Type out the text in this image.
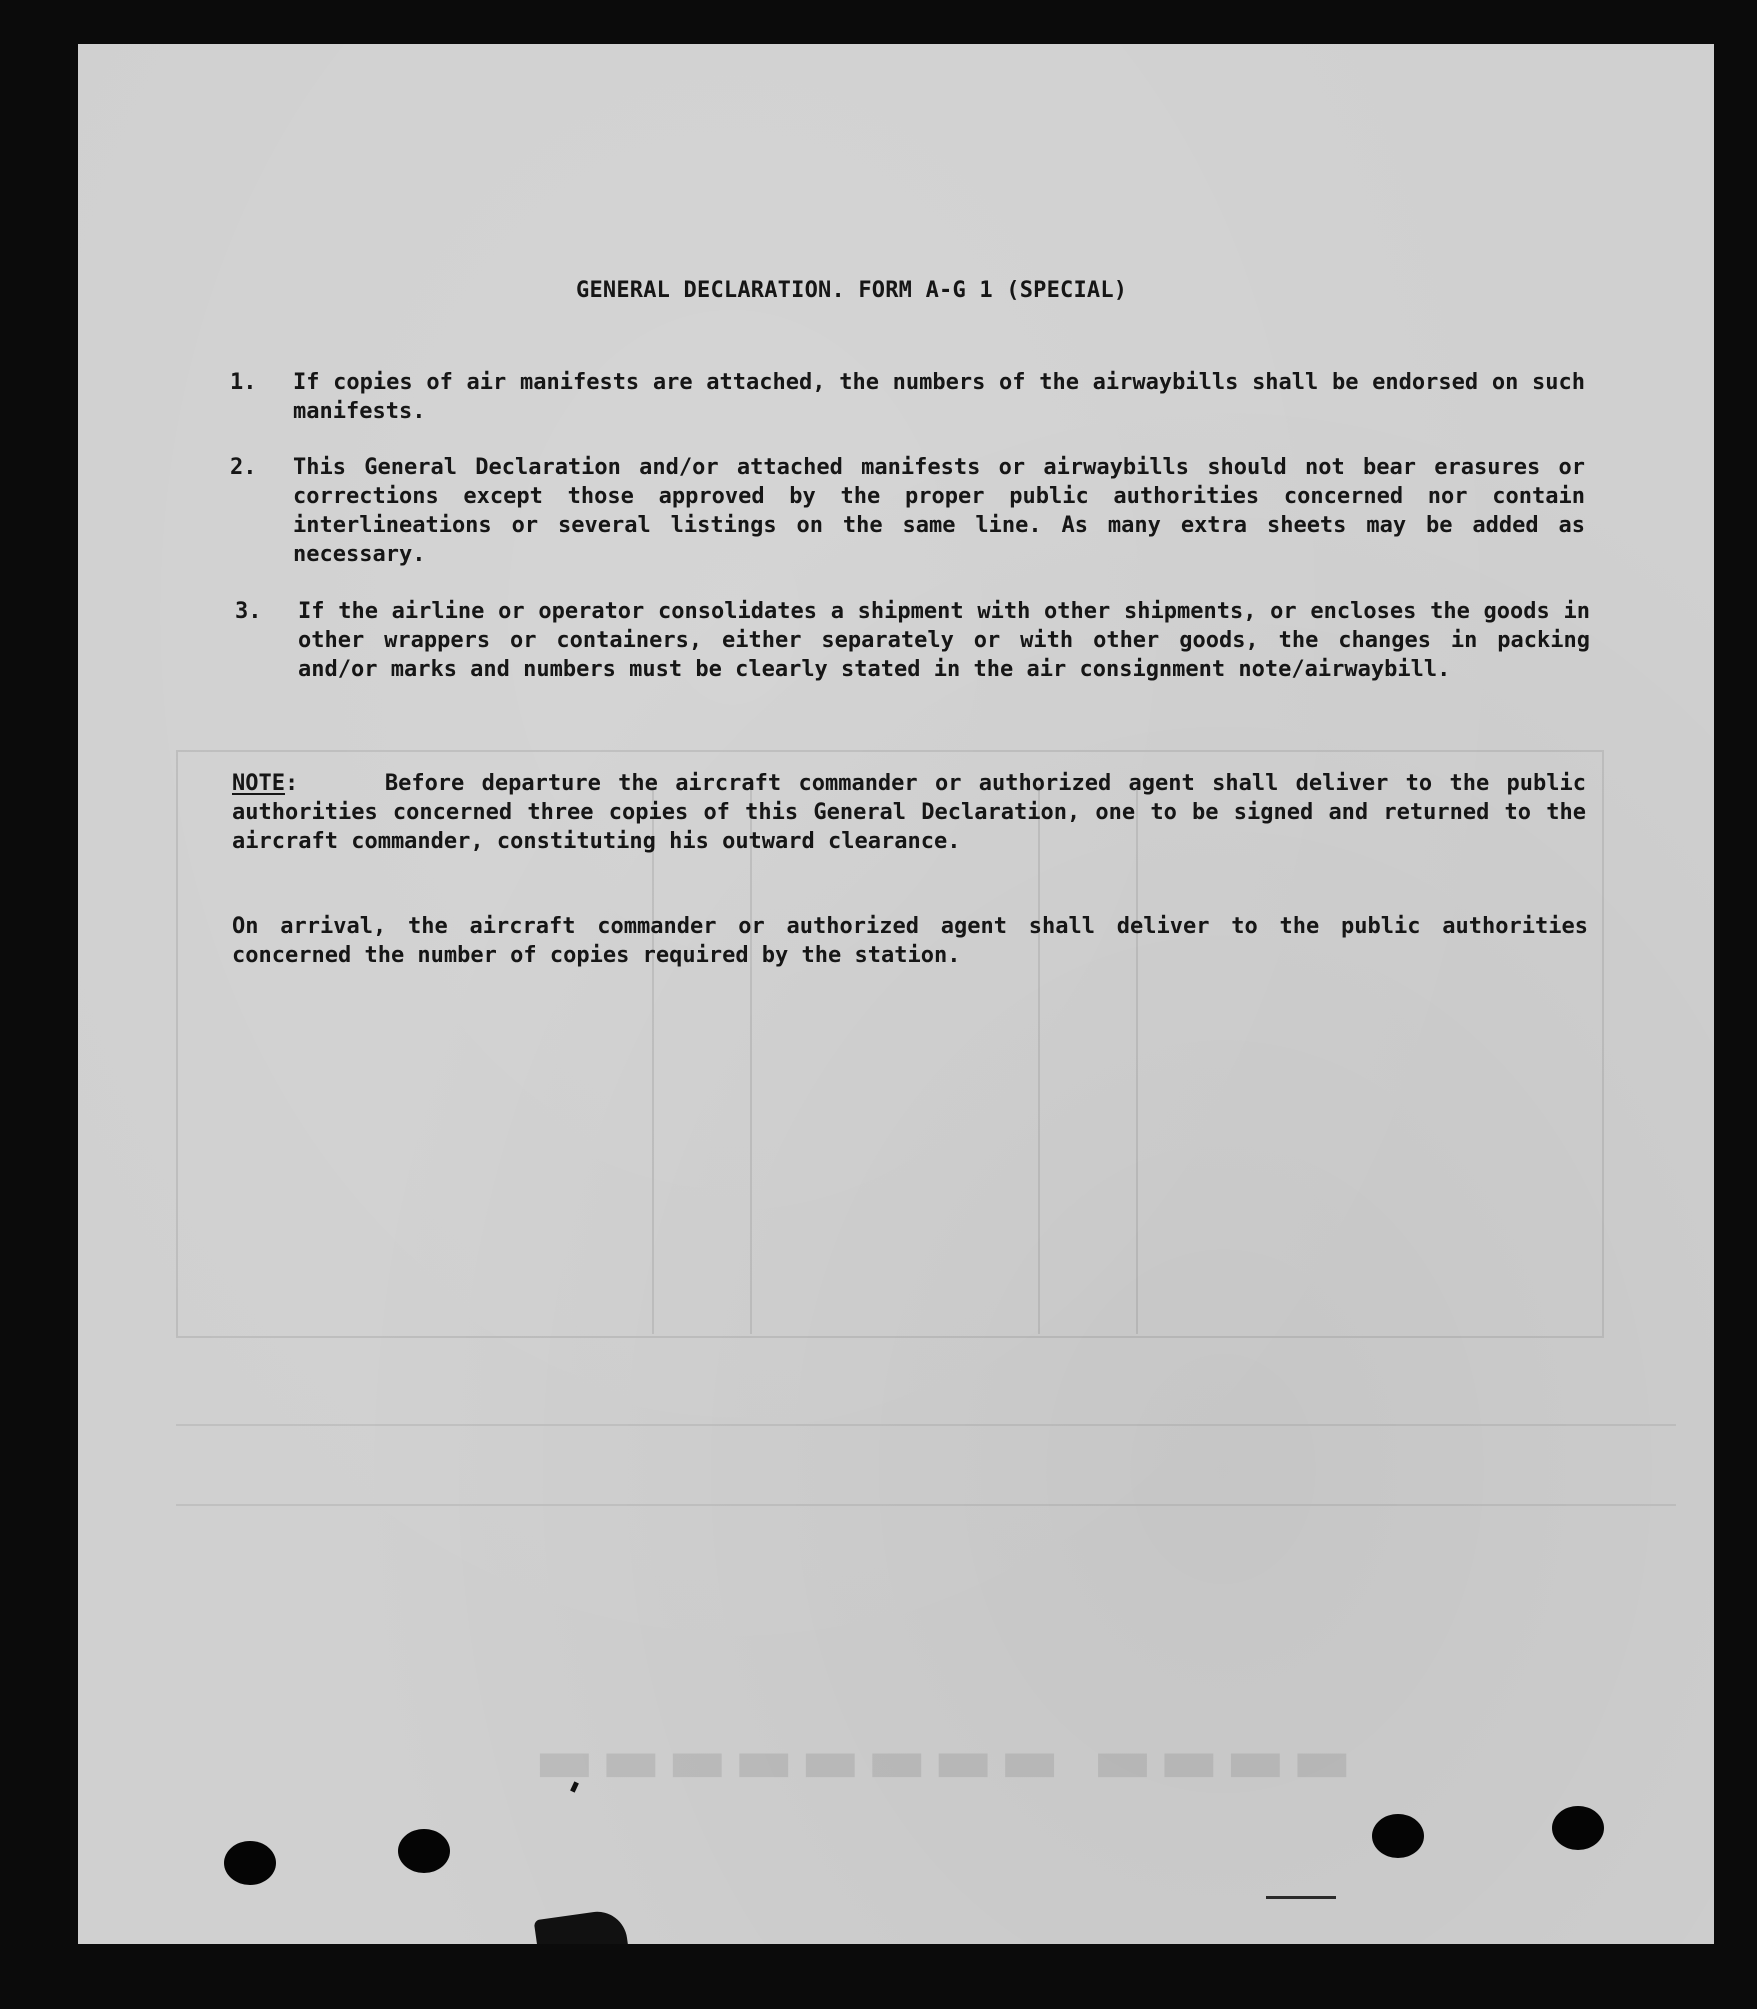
▬▬▬▬ ▬▬▬▬▬▬▬▬
GENERAL DECLARATION. FORM A-G 1 (SPECIAL)
1. If copies of air manifests are attached, the numbers of the airwaybills shall be endorsed on such manifests.
2. This General Declaration and/or attached manifests or airwaybills should not bear erasures or corrections except those approved by the proper public authorities concerned nor contain interlineations or several listings on the same line. As many extra sheets may be added as necessary.
3. If the airline or operator consolidates a shipment with other shipments, or encloses the goods in other wrappers or containers, either separately or with other goods, the changes in packing and/or marks and numbers must be clearly stated in the air consignment note/airwaybill.
NOTE:	Before departure the aircraft commander or authorized agent shall deliver to the public authorities concerned three copies of this General Declaration, one to be signed and returned to the aircraft commander, constituting his outward clearance.
On arrival, the aircraft commander or authorized agent shall deliver to the public authorities concerned the number of copies required by the station.
